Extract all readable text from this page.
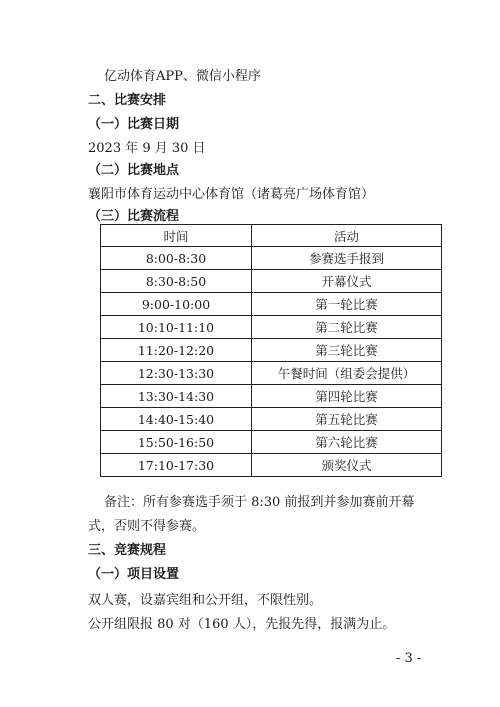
亿动体育APP、微信小程序
二、比赛安排
（一）比赛日期
2023 年 9 月 30 日
（二）比赛地点
襄阳市体育运动中心体育馆（诸葛亮广场体育馆）
（三）比赛流程
时间	活动
8:00-8:30	参赛选手报到
8:30-8:50	开幕仪式
9:00-10:00	第一轮比赛
10:10-11:10	第二轮比赛
11:20-12:20	第三轮比赛
12:30-13:30	午餐时间（组委会提供）
13:30-14:30	第四轮比赛
14:40-15:40	第五轮比赛
15:50-16:50	第六轮比赛
17:10-17:30	颁奖仪式
备注：所有参赛选手须于 8:30 前报到并参加赛前开幕
式，否则不得参赛。
三、竞赛规程
（一）项目设置
双人赛，设嘉宾组和公开组，不限性别。
公开组限报 80 对（160 人），先报先得，报满为止。
- 3 -
